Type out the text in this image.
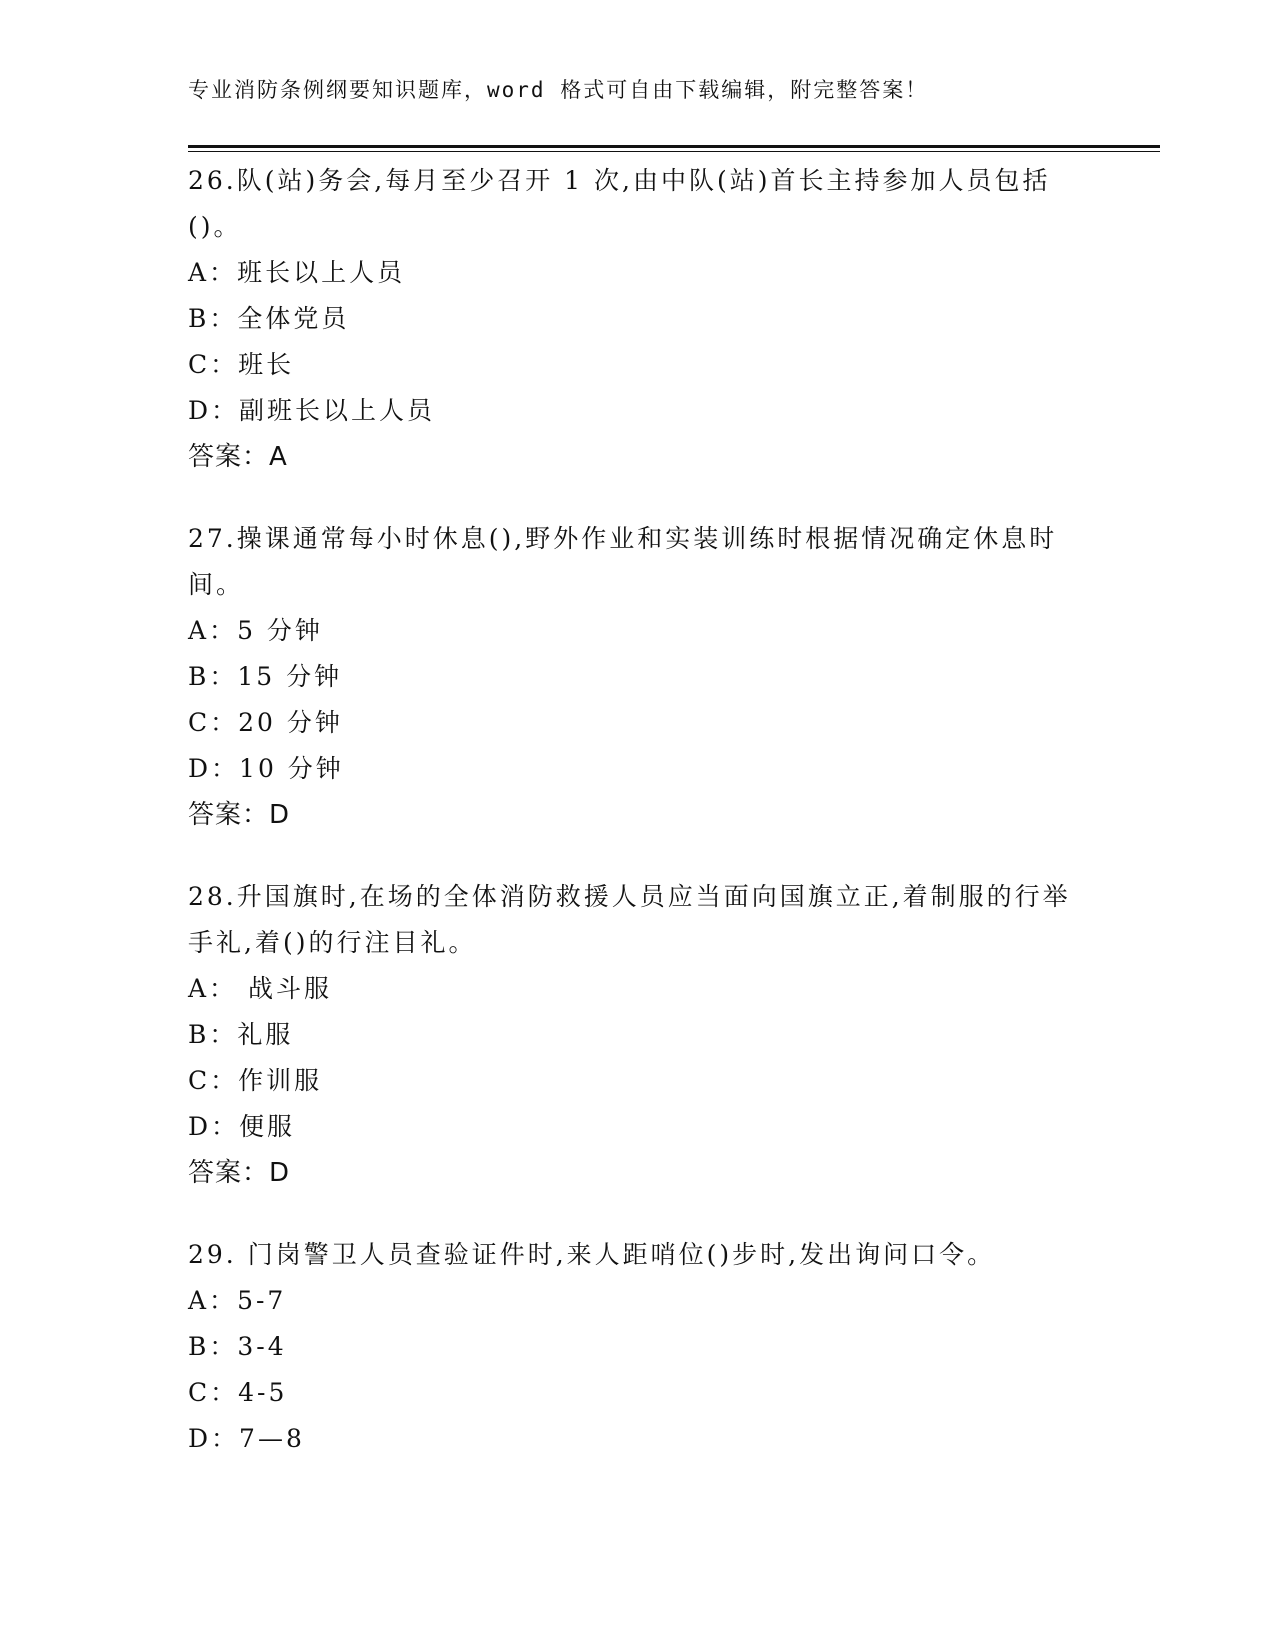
专业消防条例纲要知识题库，word 格式可自由下载编辑，附完整答案！

26.队(站)务会,每月至少召开 1 次,由中队(站)首长主持参加人员包括()。

A：班长以上人员

B：全体党员

C：班长

D：副班长以上人员

答案：A

27.操课通常每小时休息(),野外作业和实装训练时根据情况确定休息时间。

A：5 分钟

B：15 分钟

C：20 分钟

D：10 分钟

答案：D

28.升国旗时,在场的全体消防救援人员应当面向国旗立正,着制服的行举手礼,着()的行注目礼。

A： 战斗服

B：礼服

C：作训服

D：便服

答案：D

29. 门岗警卫人员查验证件时,来人距哨位()步时,发出询问口令。

A：5-7

B：3-4

C：4-5

D：7—8
